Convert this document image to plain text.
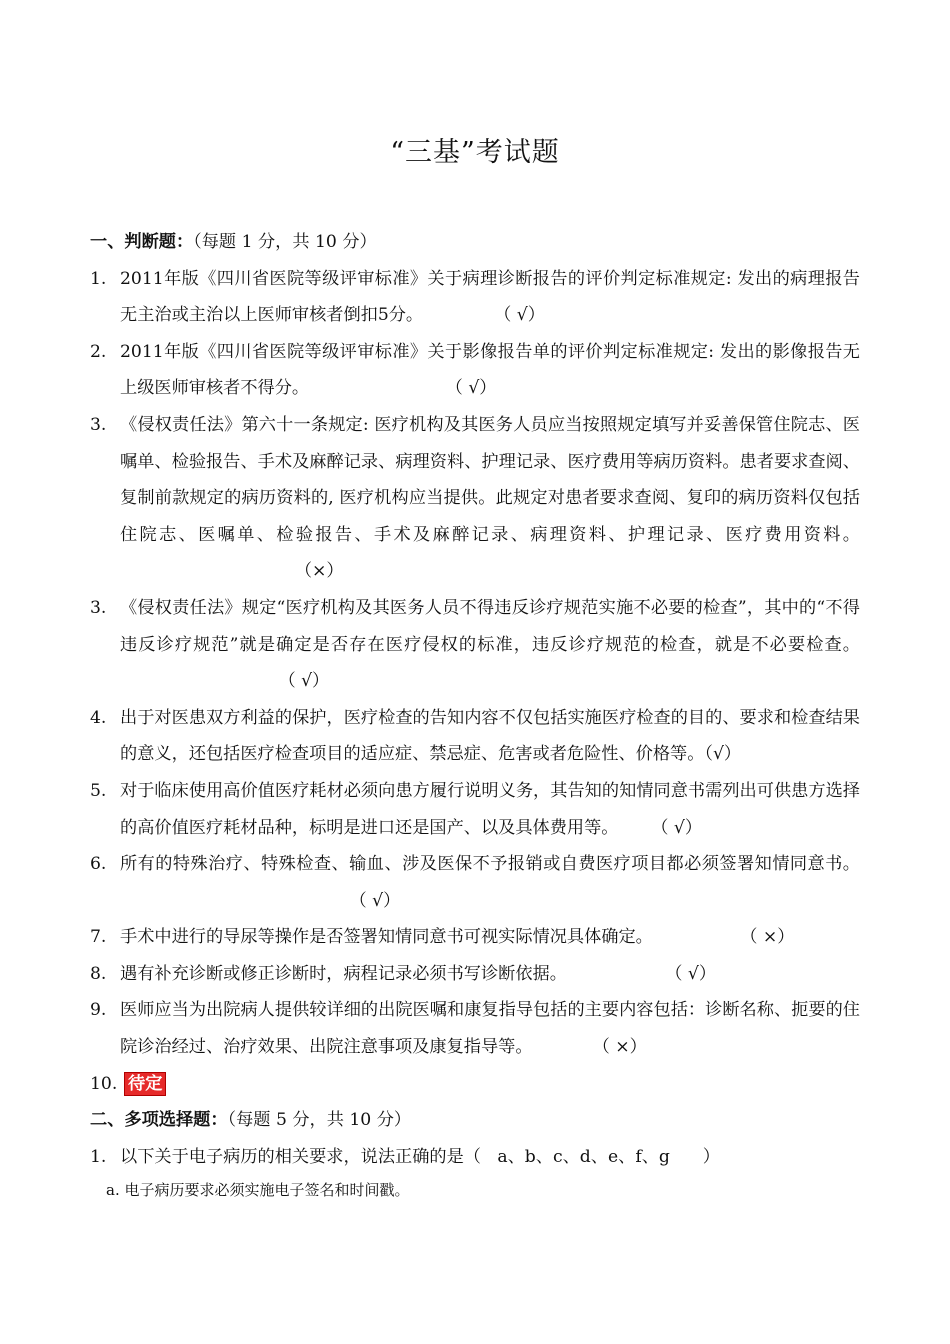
“三基”考试题
一、判断题：（每题 1 分，共 10 分）
1. 2011年版《四川省医院等级评审标准》关于病理诊断报告的评价判定标准规定: 发出的病理报告无主治或主治以上医师审核者倒扣5分。	（ √）
2. 2011年版《四川省医院等级评审标准》关于影像报告单的评价判定标准规定: 发出的影像报告无上级医师审核者不得分。	（ √）
3. 《侵权责任法》第六十一条规定: 医疗机构及其医务人员应当按照规定填写并妥善保管住院志、医嘱单、检验报告、手术及麻醉记录、病理资料、护理记录、医疗费用等病历资料。患者要求查阅、复制前款规定的病历资料的, 医疗机构应当提供。此规定对患者要求查阅、复印的病历资料仅包括住院志、医嘱单、检验报告、手术及麻醉记录、病理资料、护理记录、医疗费用资料。                                 （×）
3. 《侵权责任法》规定“医疗机构及其医务人员不得违反诊疗规范实施不必要的检查”，其中的“不得违反诊疗规范”就是确定是否存在医疗侵权的标准，违反诊疗规范的检查，就是不必要检查。                              （ √）
4. 出于对医患双方利益的保护，医疗检查的告知内容不仅包括实施医疗检查的目的、要求和检查结果的意义，还包括医疗检查项目的适应症、禁忌症、危害或者危险性、价格等。（√）
5. 对于临床使用高价值医疗耗材必须向患方履行说明义务，其告知的知情同意书需列出可供患方选择的高价值医疗耗材品种，标明是进口还是国产、以及具体费用等。 （ √）
6. 所有的特殊治疗、特殊检查、输血、涉及医保不予报销或自费医疗项目都必须签署知情同意书。                                           （ √）
7. 手术中进行的导尿等操作是否签署知情同意书可视实际情况具体确定。	（ ×）
8. 遇有补充诊断或修正诊断时，病程记录必须书写诊断依据。	（ √）
9. 医师应当为出院病人提供较详细的出院医嘱和康复指导包括的主要内容包括：诊断名称、扼要的住院诊治经过、治疗效果、出院注意事项及康复指导等。	（ ×）
10. 待定
二、多项选择题：（每题 5 分，共 10 分）
1. 以下关于电子病历的相关要求，说法正确的是（ a、b、c、d、e、f、g ）
a. 电子病历要求必须实施电子签名和时间戳。
